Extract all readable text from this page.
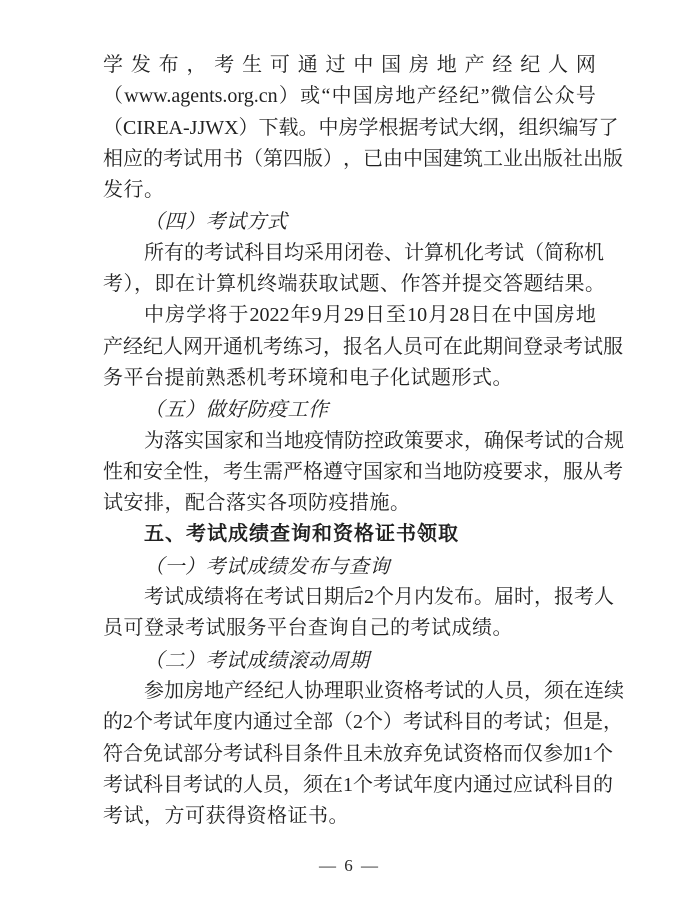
学 发 布 ， 考 生 可 通 过 中 国 房 地 产 经 纪 人 网
（ www.agents.org.cn ） 或 “ 中 国 房 地 产 经 纪 ” 微 信 公 众 号
（ CIREA-JJWX ） 下 载 。 中 房 学 根 据 考 试 大 纲 ， 组 织 编 写 了
相 应 的 考 试 用 书 （ 第 四 版 ） ， 已 由 中 国 建 筑 工 业 出 版 社 出 版
发行。
（四）考试方式
所 有 的 考 试 科 目 均 采 用 闭 卷 、 计 算 机 化 考 试 （ 简 称 机
考），即在计算机终端获取试题、作答并提交答题结果。
中 房 学 将 于 2022 年 9 月 29 日 至 10 月 28 日 在 中 国 房 地
产 经 纪 人 网 开 通 机 考 练 习 ， 报 名 人 员 可 在 此 期 间 登 录 考 试 服
务平台提前熟悉机考环境和电子化试题形式。
（五）做好防疫工作
为 落 实 国 家 和 当 地 疫 情 防 控 政 策 要 求 ， 确 保 考 试 的 合 规
性 和 安 全 性 ， 考 生 需 严 格 遵 守 国 家 和 当 地 防 疫 要 求 ， 服 从 考
试安排，配合落实各项防疫措施。
五、考试成绩查询和资格证书领取
（一）考试成绩发布与查询
考 试 成 绩 将 在 考 试 日 期 后 2 个 月 内 发 布 。 届 时 ， 报 考 人
员可登录考试服务平台查询自己的考试成绩。
（二）考试成绩滚动周期
参 加 房 地 产 经 纪 人 协 理 职 业 资 格 考 试 的 人 员 ， 须 在 连 续
的 2 个 考 试 年 度 内 通 过 全 部 （ 2 个 ） 考 试 科 目 的 考 试 ； 但 是 ，
符 合 免 试 部 分 考 试 科 目 条 件 且 未 放 弃 免 试 资 格 而 仅 参 加 1 个
考 试 科 目 考 试 的 人 员 ， 须 在 1 个 考 试 年 度 内 通 过 应 试 科 目 的
考试，方可获得资格证书。
— 6 —
